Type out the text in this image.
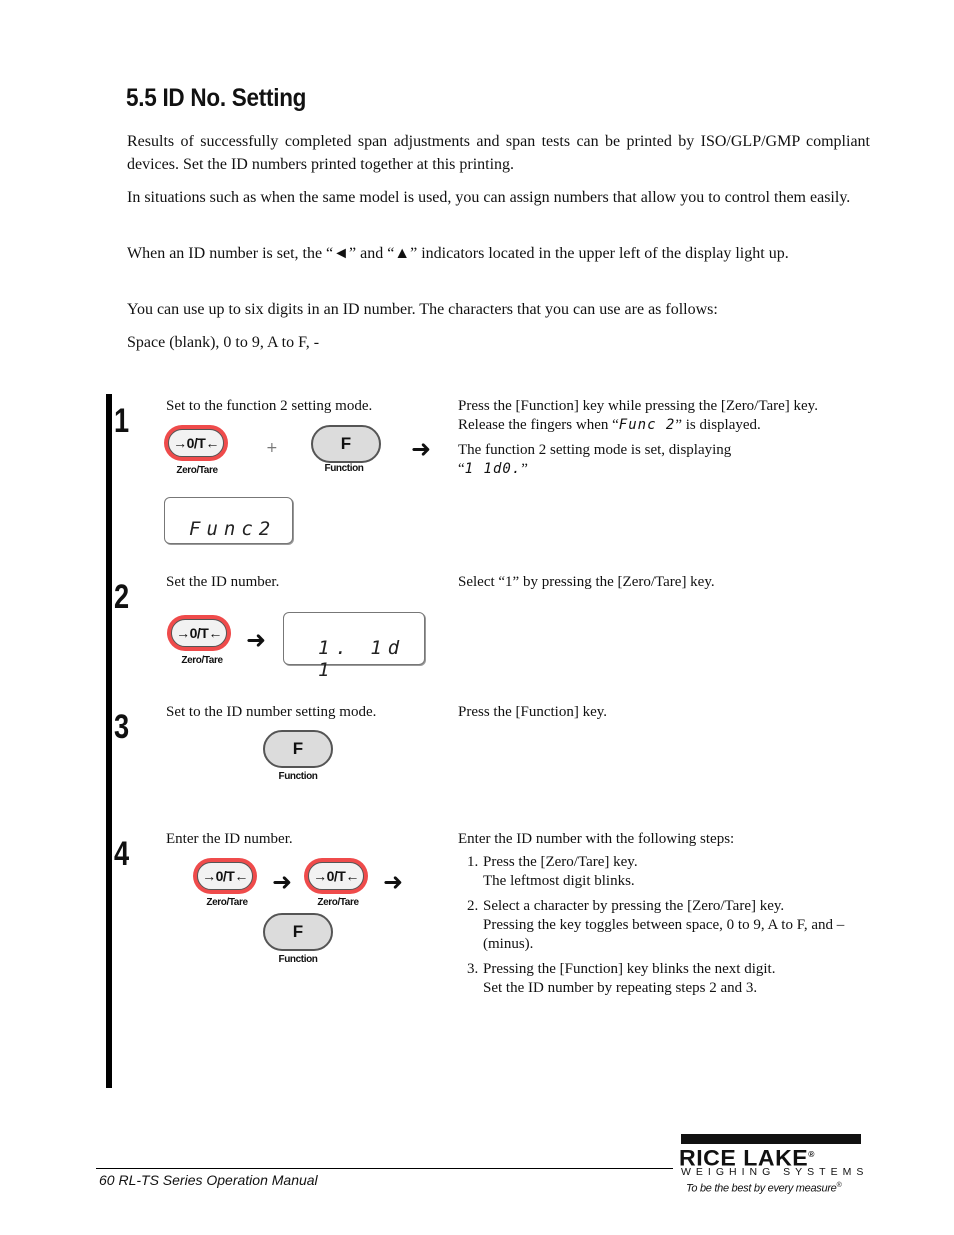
5.5 ID No. Setting

Results of successfully completed span adjustments and span tests can be printed by ISO/GLP/GMP compliant devices. Set the ID numbers printed together at this printing.

In situations such as when the same model is used, you can assign numbers that allow you to control them easily.

When an ID number is set, the “◄” and “▲” indicators located in the upper left of the display light up.

You can use up to six digits in an ID number. The characters that you can use are as follows:

Space (blank), 0 to 9, A to F, -

1 Set to the function 2 setting mode.	Press the [Function] key while pressing the [Zero/Tare] key. Release the fingers when “Func 2” is displayed.
The function 2 setting mode is set, displaying
“1 1d0.”
→0/T←
Zero/Tare
+	F
Function
➜
Func2
2 Set the ID number.	Select “1” by pressing the [Zero/Tare] key.
→0/T←
Zero/Tare
➜	1. 1d 1
3 Set to the ID number setting mode.	Press the [Function] key.
F
Function
4 Enter the ID number.	Enter the ID number with the following steps:
→0/T←
Zero/Tare
➜	→0/T←
Zero/Tare
➜
F
Function
1. Press the [Zero/Tare] key.
The leftmost digit blinks.
2. Select a character by pressing the [Zero/Tare] key.
Pressing the key toggles between space, 0 to 9, A to F, and – (minus).
3. Pressing the [Function] key blinks the next digit.
Set the ID number by repeating steps 2 and 3.
60 RL-TS Series Operation Manual
RICE LAKE®
WEIGHING SYSTEMS
To be the best by every measure®
